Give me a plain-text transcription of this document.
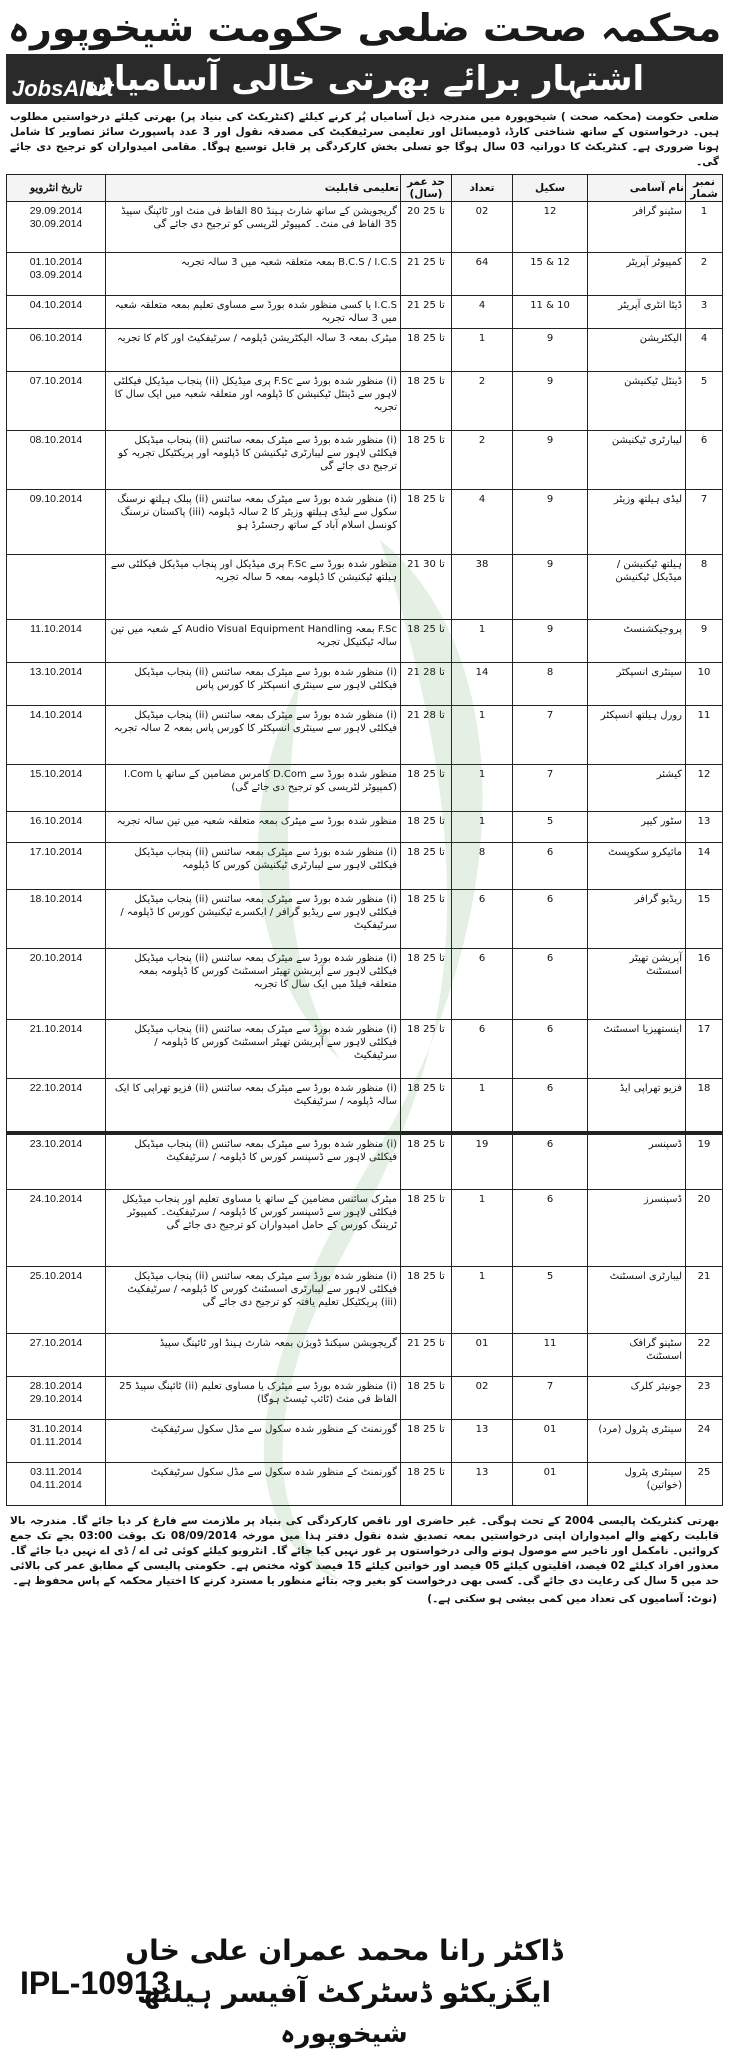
محکمہ صحت ضلعی حکومت شیخوپورہ
JobsAlert
اشتہار برائے بھرتی خالی آسامیاں
ضلعی حکومت (محکمہ صحت ) شیخوپورہ میں مندرجہ ذیل آسامیاں پُر کرنے کیلئے (کنٹریکٹ کی بنیاد پر) بھرتی کیلئے درخواستیں مطلوب ہیں۔ درخواستوں کے ساتھ شناختی کارڈ، ڈومیسائل اور تعلیمی سرٹیفکیٹ کی مصدقہ نقول اور 3 عدد پاسپورٹ سائز تصاویر کا شامل ہونا ضروری ہے۔ کنٹریکٹ کا دورانیہ 03 سال ہوگا جو تسلی بخش کارکردگی پر قابل توسیع ہوگا۔ مقامی امیدواران کو ترجیح دی جائے گی۔
نمبر شمار	نام آسامی	سکیل	تعداد	حد عمر (سال)	تعلیمی قابلیت	تاریخ انٹرویو
1	سٹینو گرافر	12	02	20 تا 25	گریجویشن کے ساتھ شارٹ ہینڈ 80 الفاظ فی منٹ اور ٹائپنگ سپیڈ 35 الفاظ فی منٹ۔ کمپیوٹر لٹریسی کو ترجیح دی جائے گی	29.09.2014
30.09.2014
2	کمپیوٹر آپریٹر	12 & 15	64	21 تا 25	B.C.S / I.C.S بمعہ متعلقہ شعبہ میں 3 سالہ تجربہ	01.10.2014
03.09.2014
3	ڈیٹا انٹری آپریٹر	10 & 11	4	21 تا 25	I.C.S یا کسی منظور شدہ بورڈ سے مساوی تعلیم بمعہ متعلقہ شعبہ میں 3 سالہ تجربہ	04.10.2014
4	الیکٹریشن	9	1	18 تا 25	میٹرک بمعہ 3 سالہ الیکٹریشن ڈپلومہ / سرٹیفکیٹ اور کام کا تجربہ	06.10.2014
5	ڈینٹل ٹیکنیشن	9	2	18 تا 25	(i) منظور شدہ بورڈ سے F.Sc پری میڈیکل (ii) پنجاب میڈیکل فیکلٹی لاہور سے ڈینٹل ٹیکنیشن کا ڈپلومہ اور متعلقہ شعبہ میں ایک سال کا تجربہ	07.10.2014
6	لیبارٹری ٹیکنیشن	9	2	18 تا 25	(i) منظور شدہ بورڈ سے میٹرک بمعہ سائنس (ii) پنجاب میڈیکل فیکلٹی لاہور سے لیبارٹری ٹیکنیشن کا ڈپلومہ اور پریکٹیکل تجربہ کو ترجیح دی جائے گی	08.10.2014
7	لیڈی ہیلتھ وزیٹر	9	4	18 تا 25	(i) منظور شدہ بورڈ سے میٹرک بمعہ سائنس (ii) پبلک ہیلتھ نرسنگ سکول سے لیڈی ہیلتھ وزیٹر کا 2 سالہ ڈپلومہ (iii) پاکستان نرسنگ کونسل اسلام آباد کے ساتھ رجسٹرڈ ہو	09.10.2014
8	ہیلتھ ٹیکنیشن / میڈیکل ٹیکنیشن	9	38	21 تا 30	منظور شدہ بورڈ سے F.Sc پری میڈیکل اور پنجاب میڈیکل فیکلٹی سے ہیلتھ ٹیکنیشن کا ڈپلومہ بمعہ 5 سالہ تجربہ	
9	پروجیکشنسٹ	9	1	18 تا 25	F.Sc بمعہ Audio Visual Equipment Handling کے شعبہ میں تین سالہ ٹیکنیکل تجربہ	11.10.2014
10	سینٹری انسپکٹر	8	14	21 تا 28	(i) منظور شدہ بورڈ سے میٹرک بمعہ سائنس (ii) پنجاب میڈیکل فیکلٹی لاہور سے سینٹری انسپکٹر کا کورس پاس	13.10.2014
11	رورل ہیلتھ انسپکٹر	7	1	21 تا 28	(i) منظور شدہ بورڈ سے میٹرک بمعہ سائنس (ii) پنجاب میڈیکل فیکلٹی لاہور سے سینٹری انسپکٹر کا کورس پاس بمعہ 2 سالہ تجربہ	14.10.2014
12	کیشئر	7	1	18 تا 25	منظور شدہ بورڈ سے D.Com کامرس مضامین کے ساتھ یا I.Com (کمپیوٹر لٹریسی کو ترجیح دی جائے گی)	15.10.2014
13	سٹور کیپر	5	1	18 تا 25	منظور شدہ بورڈ سے میٹرک بمعہ متعلقہ شعبہ میں تین سالہ تجربہ	16.10.2014
14	مائیکرو سکوپسٹ	6	8	18 تا 25	(i) منظور شدہ بورڈ سے میٹرک بمعہ سائنس (ii) پنجاب میڈیکل فیکلٹی لاہور سے لیبارٹری ٹیکنیشن کورس کا ڈپلومہ	17.10.2014
15	ریڈیو گرافر	6	6	18 تا 25	(i) منظور شدہ بورڈ سے میٹرک بمعہ سائنس (ii) پنجاب میڈیکل فیکلٹی لاہور سے ریڈیو گرافر / ایکسرے ٹیکنیشن کورس کا ڈپلومہ / سرٹیفکیٹ	18.10.2014
16	آپریشن تھیٹر اسسٹنٹ	6	6	18 تا 25	(i) منظور شدہ بورڈ سے میٹرک بمعہ سائنس (ii) پنجاب میڈیکل فیکلٹی لاہور سے آپریشن تھیٹر اسسٹنٹ کورس کا ڈپلومہ بمعہ متعلقہ فیلڈ میں ایک سال کا تجربہ	20.10.2014
17	اینستھیزیا اسسٹنٹ	6	6	18 تا 25	(i) منظور شدہ بورڈ سے میٹرک بمعہ سائنس (ii) پنجاب میڈیکل فیکلٹی لاہور سے آپریشن تھیٹر اسسٹنٹ کورس کا ڈپلومہ / سرٹیفکیٹ	21.10.2014
18	فزیو تھراپی ایڈ	6	1	18 تا 25	(i) منظور شدہ بورڈ سے میٹرک بمعہ سائنس (ii) فزیو تھراپی کا ایک سالہ ڈپلومہ / سرٹیفکیٹ	22.10.2014
19	ڈسپنسر	6	19	18 تا 25	(i) منظور شدہ بورڈ سے میٹرک بمعہ سائنس (ii) پنجاب میڈیکل فیکلٹی لاہور سے ڈسپنسر کورس کا ڈپلومہ / سرٹیفکیٹ	23.10.2014
20	ڈسپنسرز	6	1	18 تا 25	میٹرک سائنس مضامین کے ساتھ یا مساوی تعلیم اور پنجاب میڈیکل فیکلٹی لاہور سے ڈسپنسر کورس کا ڈپلومہ / سرٹیفکیٹ۔ کمپیوٹر ٹریننگ کورس کے حامل امیدواران کو ترجیح دی جائے گی	24.10.2014
21	لیبارٹری اسسٹنٹ	5	1	18 تا 25	(i) منظور شدہ بورڈ سے میٹرک بمعہ سائنس (ii) پنجاب میڈیکل فیکلٹی لاہور سے لیبارٹری اسسٹنٹ کورس کا ڈپلومہ / سرٹیفکیٹ (iii) پریکٹیکل تعلیم یافتہ کو ترجیح دی جائے گی	25.10.2014
22	سٹینو گرافک اسسٹنٹ	11	01	21 تا 25	گریجویشن سیکنڈ ڈویژن بمعہ شارٹ ہینڈ اور ٹائپنگ سپیڈ	27.10.2014
23	جونیئر کلرک	7	02	18 تا 25	(i) منظور شدہ بورڈ سے میٹرک یا مساوی تعلیم (ii) ٹائپنگ سپیڈ 25 الفاظ فی منٹ (ٹائپ ٹیسٹ ہوگا)	28.10.2014
29.10.2014
24	سینٹری پٹرول (مرد)	01	13	18 تا 25	گورنمنٹ کے منظور شدہ سکول سے مڈل سکول سرٹیفکیٹ	31.10.2014
01.11.2014
25	سینٹری پٹرول (خواتین)	01	13	18 تا 25	گورنمنٹ کے منظور شدہ سکول سے مڈل سکول سرٹیفکیٹ	03.11.2014
04.11.2014
بھرتی کنٹریکٹ پالیسی 2004 کے تحت ہوگی۔ غیر حاضری اور ناقص کارکردگی کی بنیاد پر ملازمت سے فارغ کر دیا جائے گا۔ مندرجہ بالا قابلیت رکھنے والے امیدواران اپنی درخواستیں بمعہ تصدیق شدہ نقول دفتر ہذا میں مورخہ 08/09/2014 تک بوقت 03:00 بجے تک جمع کروائیں۔ نامکمل اور تاخیر سے موصول ہونے والی درخواستوں پر غور نہیں کیا جائے گا۔ انٹرویو کیلئے کوئی ٹی اے / ڈی اے نہیں دیا جائے گا۔ معذور افراد کیلئے 02 فیصد، اقلیتوں کیلئے 05 فیصد اور خواتین کیلئے 15 فیصد کوٹہ مختص ہے۔ حکومتی پالیسی کے مطابق عمر کی بالائی حد میں 5 سال کی رعایت دی جائے گی۔ کسی بھی درخواست کو بغیر وجہ بتائے منظور یا مسترد کرنے کا اختیار محکمہ کے پاس محفوظ ہے۔
(نوٹ: آسامیوں کی تعداد میں کمی بیشی ہو سکتی ہے۔)
IPL-10913
ڈاکٹر رانا محمد عمران علی خاں
ایگزیکٹو ڈسٹرکٹ آفیسر ہیلتھ
شیخوپورہ
